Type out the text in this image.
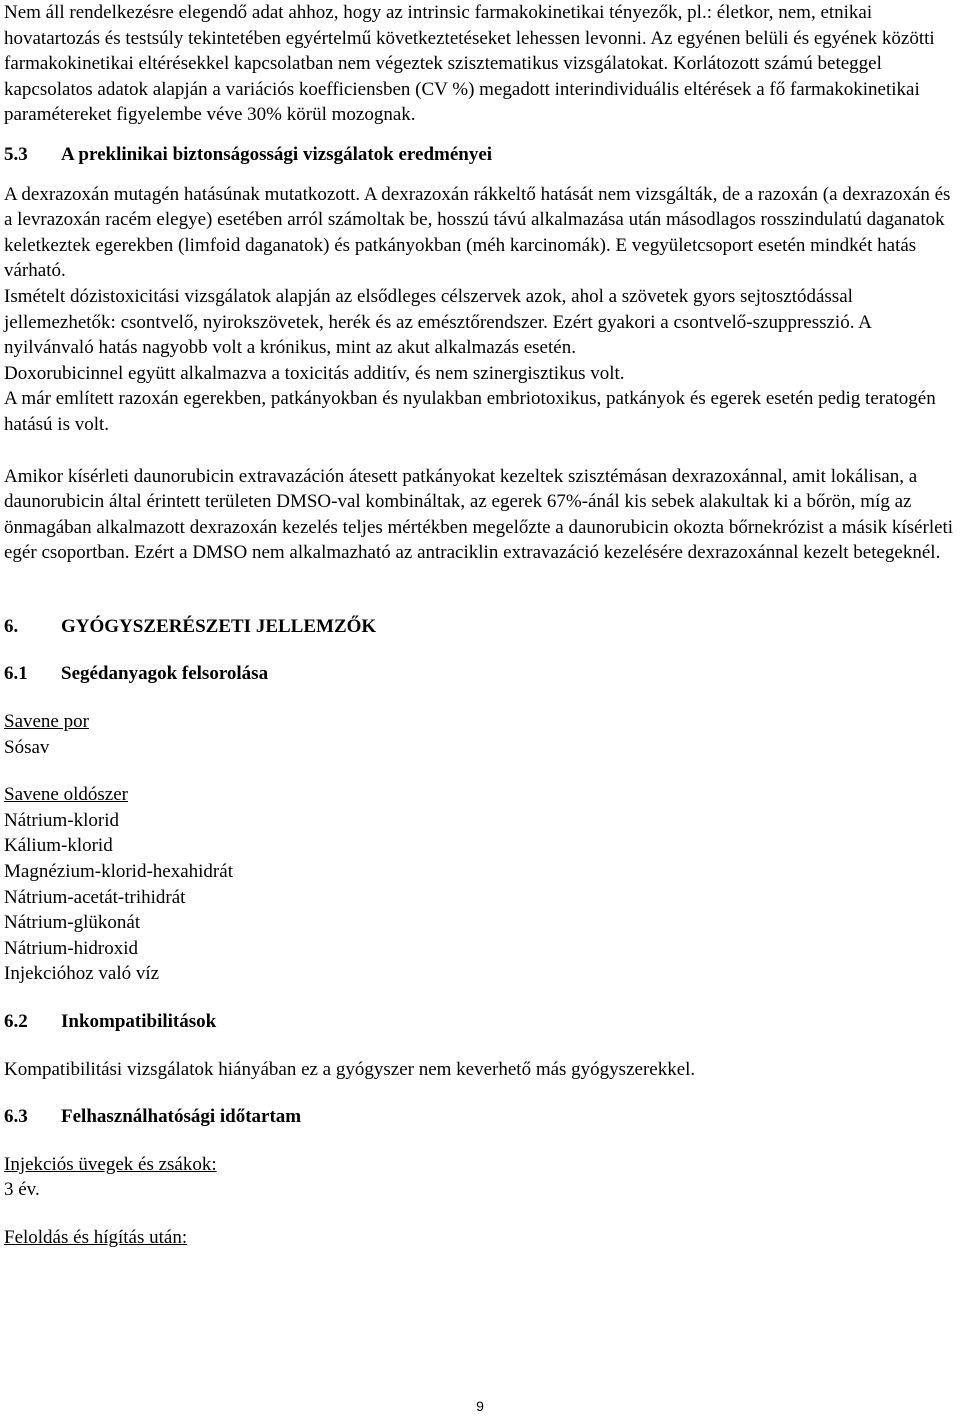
Nem áll rendelkezésre elegendő adat ahhoz, hogy az intrinsic farmakokinetikai tényezők, pl.: életkor, nem, etnikai hovatartozás és testsúly tekintetében egyértelmű következtetéseket lehessen levonni. Az egyénen belüli és egyének közötti farmakokinetikai eltérésekkel kapcsolatban nem végeztek szisztematikus vizsgálatokat. Korlátozott számú beteggel kapcsolatos adatok alapján a variációs koefficiensben (CV %) megadott interindividuális eltérések a fő farmakokinetikai paramétereket figyelembe véve 30% körül mozognak.

5.3 A preklinikai biztonságossági vizsgálatok eredményei

A dexrazoxán mutagén hatásúnak mutatkozott. A dexrazoxán rákkeltő hatását nem vizsgálták, de a razoxán (a dexrazoxán és a levrazoxán racém elegye) esetében arról számoltak be, hosszú távú alkalmazása után másodlagos rosszindulatú daganatok keletkeztek egerekben (limfoid daganatok) és patkányokban (méh karcinomák). E vegyületcsoport esetén mindkét hatás várható.

Ismételt dózistoxicitási vizsgálatok alapján az elsődleges célszervek azok, ahol a szövetek gyors sejtosztódással jellemezhetők: csontvelő, nyirokszövetek, herék és az emésztőrendszer. Ezért gyakori a csontvelő-szuppresszió. A nyilvánvaló hatás nagyobb volt a krónikus, mint az akut alkalmazás esetén.

Doxorubicinnel együtt alkalmazva a toxicitás additív, és nem szinergisztikus volt.

A már említett razoxán egerekben, patkányokban és nyulakban embriotoxikus, patkányok és egerek esetén pedig teratogén hatású is volt.

Amikor kísérleti daunorubicin extravazáción átesett patkányokat kezeltek szisztémásan dexrazoxánnal, amit lokálisan, a daunorubicin által érintett területen DMSO-val kombináltak, az egerek 67%-ánál kis sebek alakultak ki a bőrön, míg az önmagában alkalmazott dexrazoxán kezelés teljes mértékben megelőzte a daunorubicin okozta bőrnekrózist a másik kísérleti egér csoportban. Ezért a DMSO nem alkalmazható az antraciklin extravazáció kezelésére dexrazoxánnal kezelt betegeknél.

6. GYÓGYSZERÉSZETI JELLEMZŐK

6.1 Segédanyagok felsorolása

Savene por

Sósav

Savene oldószer

Nátrium-klorid

Kálium-klorid

Magnézium-klorid-hexahidrát

Nátrium-acetát-trihidrát

Nátrium-glükonát

Nátrium-hidroxid

Injekcióhoz való víz

6.2 Inkompatibilitások

Kompatibilitási vizsgálatok hiányában ez a gyógyszer nem keverhető más gyógyszerekkel.

6.3 Felhasználhatósági időtartam

Injekciós üvegek és zsákok:

3 év.

Feloldás és hígítás után:

9
